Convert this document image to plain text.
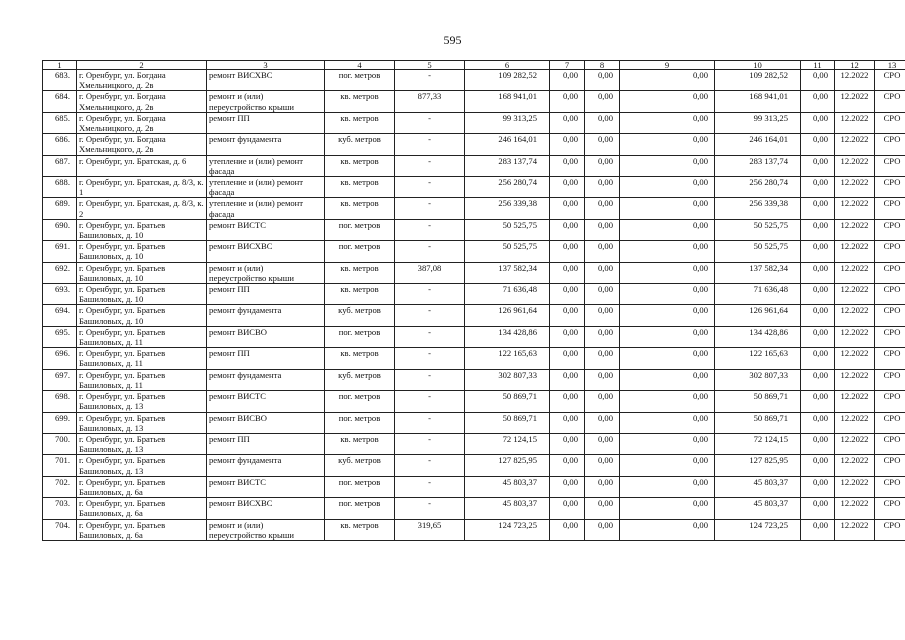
595
1	2	3	4	5	6	7	8	9	10	11	12	13
683.	г. Оренбург, ул. Богдана Хмельницкого, д. 2в	ремонт ВИСХВС	пог. метров	-	109 282,52	0,00	0,00	0,00	109 282,52	0,00	12.2022	СРО
684.	г. Оренбург, ул. Богдана Хмельницкого, д. 2в	ремонт и (или) переустройство крыши	кв. метров	877,33	168 941,01	0,00	0,00	0,00	168 941,01	0,00	12.2022	СРО
685.	г. Оренбург, ул. Богдана Хмельницкого, д. 2в	ремонт ПП	кв. метров	-	99 313,25	0,00	0,00	0,00	99 313,25	0,00	12.2022	СРО
686.	г. Оренбург, ул. Богдана Хмельницкого, д. 2в	ремонт фундамента	куб. метров	-	246 164,01	0,00	0,00	0,00	246 164,01	0,00	12.2022	СРО
687.	г. Оренбург, ул. Братская, д. 6	утепление и (или) ремонт фасада	кв. метров	-	283 137,74	0,00	0,00	0,00	283 137,74	0,00	12.2022	СРО
688.	г. Оренбург, ул. Братская, д. 8/3, к. 1	утепление и (или) ремонт фасада	кв. метров	-	256 280,74	0,00	0,00	0,00	256 280,74	0,00	12.2022	СРО
689.	г. Оренбург, ул. Братская, д. 8/3, к. 2	утепление и (или) ремонт фасада	кв. метров	-	256 339,38	0,00	0,00	0,00	256 339,38	0,00	12.2022	СРО
690.	г. Оренбург, ул. Братьев Башиловых, д. 10	ремонт ВИСТС	пог. метров	-	50 525,75	0,00	0,00	0,00	50 525,75	0,00	12.2022	СРО
691.	г. Оренбург, ул. Братьев Башиловых, д. 10	ремонт ВИСХВС	пог. метров	-	50 525,75	0,00	0,00	0,00	50 525,75	0,00	12.2022	СРО
692.	г. Оренбург, ул. Братьев Башиловых, д. 10	ремонт и (или) переустройство крыши	кв. метров	387,08	137 582,34	0,00	0,00	0,00	137 582,34	0,00	12.2022	СРО
693.	г. Оренбург, ул. Братьев Башиловых, д. 10	ремонт ПП	кв. метров	-	71 636,48	0,00	0,00	0,00	71 636,48	0,00	12.2022	СРО
694.	г. Оренбург, ул. Братьев Башиловых, д. 10	ремонт фундамента	куб. метров	-	126 961,64	0,00	0,00	0,00	126 961,64	0,00	12.2022	СРО
695.	г. Оренбург, ул. Братьев Башиловых, д. 11	ремонт ВИСВО	пог. метров	-	134 428,86	0,00	0,00	0,00	134 428,86	0,00	12.2022	СРО
696.	г. Оренбург, ул. Братьев Башиловых, д. 11	ремонт ПП	кв. метров	-	122 165,63	0,00	0,00	0,00	122 165,63	0,00	12.2022	СРО
697.	г. Оренбург, ул. Братьев Башиловых, д. 11	ремонт фундамента	куб. метров	-	302 807,33	0,00	0,00	0,00	302 807,33	0,00	12.2022	СРО
698.	г. Оренбург, ул. Братьев Башиловых, д. 13	ремонт ВИСТС	пог. метров	-	50 869,71	0,00	0,00	0,00	50 869,71	0,00	12.2022	СРО
699.	г. Оренбург, ул. Братьев Башиловых, д. 13	ремонт ВИСВО	пог. метров	-	50 869,71	0,00	0,00	0,00	50 869,71	0,00	12.2022	СРО
700.	г. Оренбург, ул. Братьев Башиловых, д. 13	ремонт ПП	кв. метров	-	72 124,15	0,00	0,00	0,00	72 124,15	0,00	12.2022	СРО
701.	г. Оренбург, ул. Братьев Башиловых, д. 13	ремонт фундамента	куб. метров	-	127 825,95	0,00	0,00	0,00	127 825,95	0,00	12.2022	СРО
702.	г. Оренбург, ул. Братьев Башиловых, д. 6а	ремонт ВИСТС	пог. метров	-	45 803,37	0,00	0,00	0,00	45 803,37	0,00	12.2022	СРО
703.	г. Оренбург, ул. Братьев Башиловых, д. 6а	ремонт ВИСХВС	пог. метров	-	45 803,37	0,00	0,00	0,00	45 803,37	0,00	12.2022	СРО
704.	г. Оренбург, ул. Братьев Башиловых, д. 6а	ремонт и (или) переустройство крыши	кв. метров	319,65	124 723,25	0,00	0,00	0,00	124 723,25	0,00	12.2022	СРО
